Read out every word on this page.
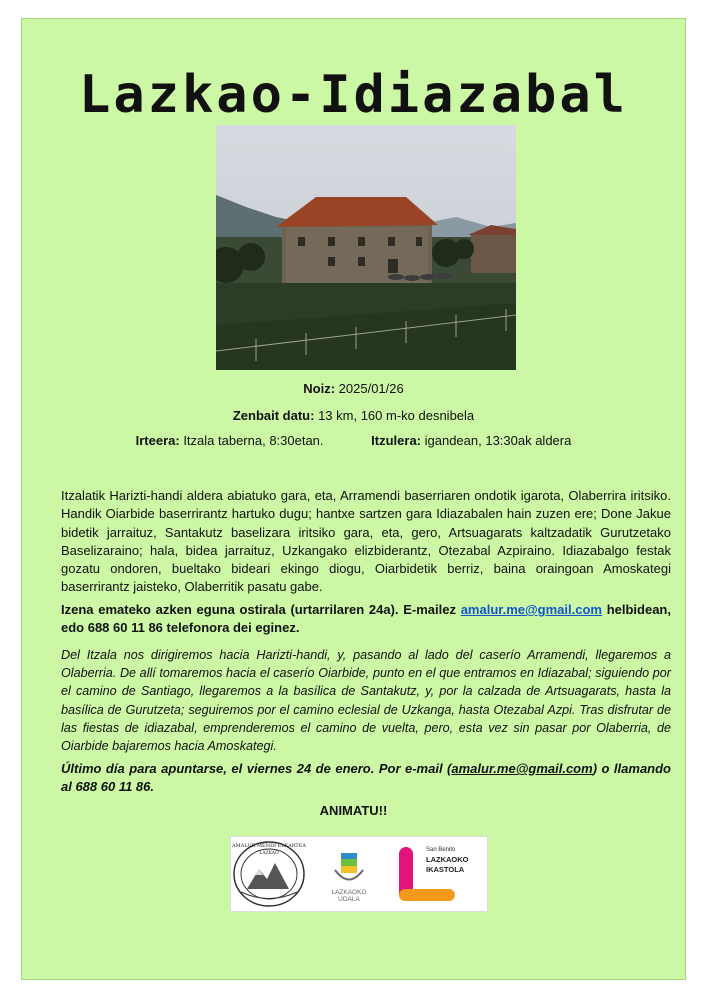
Lazkao-Idiazabal
Noiz: 2025/01/26
Zenbait datu: 13 km, 160 m-ko desnibela
Irteera: Itzala taberna, 8:30etan.	Itzulera: igandean, 13:30ak aldera
Itzalatik Harizti-handi aldera abiatuko gara, eta, Arramendi baserriaren ondotik igarota, Olaberrira iritsiko. Handik Oiarbide baserrirantz hartuko dugu; hantxe sartzen gara Idiazabalen hain zuzen ere; Done Jakue bidetik jarraituz, Santakutz baselizara iritsiko gara, eta, gero, Artsuagarats kaltzadatik Gurutzetako Baselizaraino; hala, bidea jarraituz, Uzkangako elizbiderantz, Otezabal Azpiraino. Idiazabalgo festak gozatu ondoren, bueltako bideari ekingo diogu, Oiarbidetik berriz, baina oraingoan Amoskategi baserrirantz jaisteko, Olaberritik pasatu gabe.
Izena emateko azken eguna ostirala (urtarrilaren 24a). E-mailez amalur.me@gmail.com helbidean, edo 688 60 11 86 telefonora dei eginez.
Del Itzala nos dirigiremos hacia Harizti-handi, y, pasando al lado del caserío Arramendi, llegaremos a Olaberria. De allí tomaremos hacia el caserío Oiarbide, punto en el que entramos en Idiazabal; siguiendo por el camino de Santiago, llegaremos a la basílica de Santakutz, y, por la calzada de Artsuagarats, hasta la basílica de Gurutzeta; seguiremos por el camino eclesial de Uzkanga, hasta Otezabal Azpi. Tras disfrutar de las fiestas de idiazabal, emprenderemos el camino de vuelta, pero, esta vez sin pasar por Olaberria, de Oiarbide bajaremos hacia Amoskategi.
Último día para apuntarse, el viernes 24 de enero. Por e-mail (amalur.me@gmail.com) o llamando al 688 60 11 86.
ANIMATU!!
AMALUR MENDI ELKARTEA
LAZKAO
LAZKAOKO
UDALA
San Benito
LAZKAOKO
IKASTOLA
